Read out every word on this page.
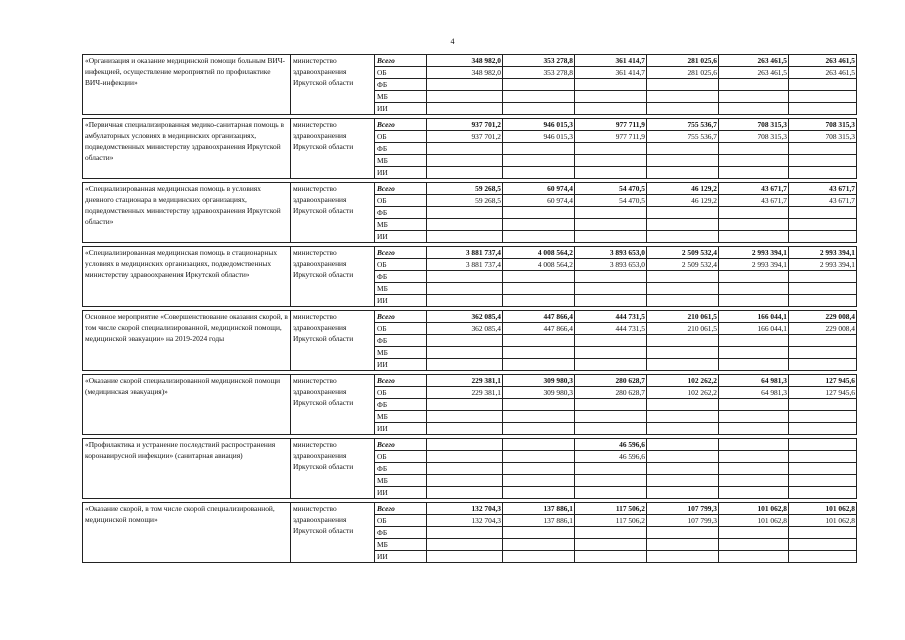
4
«Организация и оказание медицинской помощи больным ВИЧ-инфекцией, осуществление мероприятий по профилактике ВИЧ-инфекции»	министерство здравоохранения Иркутской области	Всего	348 982,0	353 278,8	361 414,7	281 025,6	263 461,5	263 461,5
		ОБ	348 982,0	353 278,8	361 414,7	281 025,6	263 461,5	263 461,5
		ФБ						
		МБ						
		ИИ						

«Первичная специализированная медико-санитарная помощь в амбулаторных условиях в медицинских организациях, подведомственных министерству здравоохранения Иркутской области»	министерство здравоохранения Иркутской области	Всего	937 701,2	946 015,3	977 711,9	755 536,7	708 315,3	708 315,3
		ОБ	937 701,2	946 015,3	977 711,9	755 536,7	708 315,3	708 315,3
		ФБ						
		МБ						
		ИИ						

«Специализированная медицинская помощь в условиях дневного стационара в медицинских организациях, подведомственных министерству здравоохранения Иркутской области»	министерство здравоохранения Иркутской области	Всего	59 268,5	60 974,4	54 470,5	46 129,2	43 671,7	43 671,7
		ОБ	59 268,5	60 974,4	54 470,5	46 129,2	43 671,7	43 671,7
		ФБ						
		МБ						
		ИИ						

«Специализированная медицинская помощь в стационарных условиях в медицинских организациях, подведомственных министерству здравоохранения Иркутской области»	министерство здравоохранения Иркутской области	Всего	3 881 737,4	4 008 564,2	3 893 653,0	2 509 532,4	2 993 394,1	2 993 394,1
		ОБ	3 881 737,4	4 008 564,2	3 893 653,0	2 509 532,4	2 993 394,1	2 993 394,1
		ФБ						
		МБ						
		ИИ						

Основное мероприятие «Совершенствование оказания скорой, в том числе скорой специализированной, медицинской помощи, медицинской эвакуации» на 2019-2024 годы	министерство здравоохранения Иркутской области	Всего	362 085,4	447 866,4	444 731,5	210 061,5	166 044,1	229 008,4
		ОБ	362 085,4	447 866,4	444 731,5	210 061,5	166 044,1	229 008,4
		ФБ						
		МБ						
		ИИ						

«Оказание скорой специализированной медицинской помощи (медицинская эвакуация)»	министерство здравоохранения Иркутской области	Всего	229 381,1	309 980,3	280 628,7	102 262,2	64 981,3	127 945,6
		ОБ	229 381,1	309 980,3	280 628,7	102 262,2	64 981,3	127 945,6
		ФБ						
		МБ						
		ИИ						

«Профилактика и устранение последствий распространения коронавирусной инфекции» (санитарная авиация)	министерство здравоохранения Иркутской области	Всего			46 596,6			
		ОБ			46 596,6			
		ФБ						
		МБ						
		ИИ						

«Оказание скорой, в том числе скорой специализированной, медицинской помощи»	министерство здравоохранения Иркутской области	Всего	132 704,3	137 886,1	117 506,2	107 799,3	101 062,8	101 062,8
		ОБ	132 704,3	137 886,1	117 506,2	107 799,3	101 062,8	101 062,8
		ФБ						
		МБ						
		ИИ						
